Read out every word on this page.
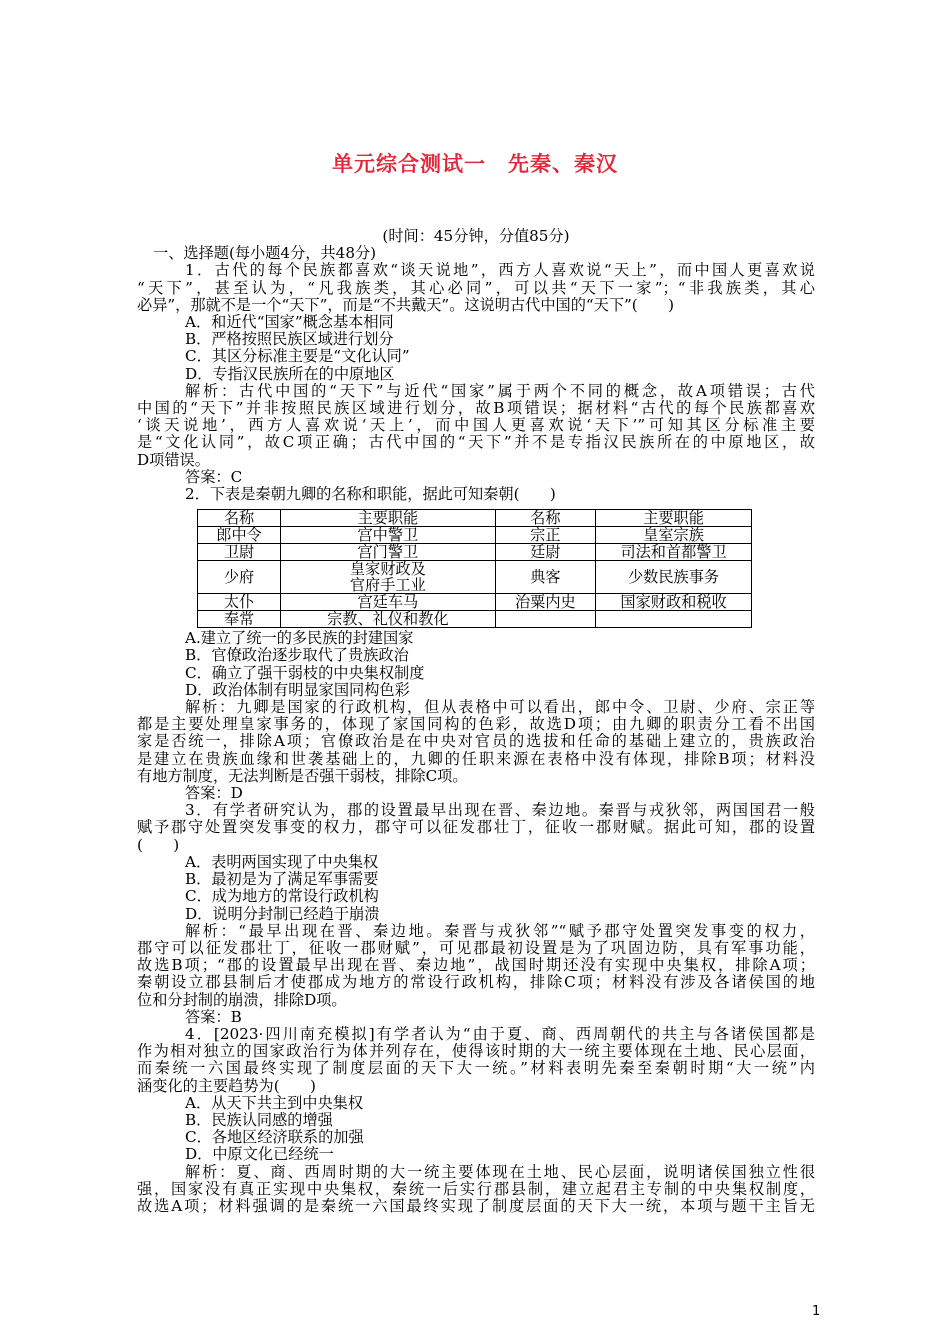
单元综合测试一　先秦、秦汉
(时间：45分钟，分值85分)
一、选择题(每小题4分，共48分)
1．古代的每个民族都喜欢“谈天说地”，西方人喜欢说“天上”，而中国人更喜欢说
“天下”，甚至认为，“凡我族类，其心必同”，可以共“天下一家”；“非我族类，其心
必异”，那就不是一个“天下”，而是“不共戴天”。这说明古代中国的“天下”(　　)
A．和近代“国家”概念基本相同
B．严格按照民族区域进行划分
C．其区分标准主要是“文化认同”
D．专指汉民族所在的中原地区
解析：古代中国的“天下”与近代“国家”属于两个不同的概念，故A项错误；古代
中国的“天下”并非按照民族区域进行划分，故B项错误；据材料“古代的每个民族都喜欢
‘谈天说地’，西方人喜欢说‘天上’，而中国人更喜欢说‘天下’”可知其区分标准主要
是“文化认同”，故C项正确；古代中国的“天下”并不是专指汉民族所在的中原地区，故
D项错误。
答案：C
2．下表是秦朝九卿的名称和职能，据此可知秦朝(　　)
名称	主要职能	名称	主要职能
郎中令	宫中警卫	宗正	皇室宗族
卫尉	宫门警卫	廷尉	司法和首都警卫
少府	皇家财政及
官府手工业	典客	少数民族事务
太仆	宫廷车马	治粟内史	国家财政和税收
奉常	宗教、礼仪和教化		
A.建立了统一的多民族的封建国家
B．官僚政治逐步取代了贵族政治
C．确立了强干弱枝的中央集权制度
D．政治体制有明显家国同构色彩
解析：九卿是国家的行政机构，但从表格中可以看出，郎中令、卫尉、少府、宗正等
都是主要处理皇家事务的，体现了家国同构的色彩，故选D项；由九卿的职责分工看不出国
家是否统一，排除A项；官僚政治是在中央对官员的选拔和任命的基础上建立的，贵族政治
是建立在贵族血缘和世袭基础上的，九卿的任职来源在表格中没有体现，排除B项；材料没
有地方制度，无法判断是否强干弱枝，排除C项。
答案：D
3．有学者研究认为，郡的设置最早出现在晋、秦边地。秦晋与戎狄邻，两国国君一般
赋予郡守处置突发事变的权力，郡守可以征发郡壮丁，征收一郡财赋。据此可知，郡的设置
(　　)
A．表明两国实现了中央集权
B．最初是为了满足军事需要
C．成为地方的常设行政机构
D．说明分封制已经趋于崩溃
解析：“最早出现在晋、秦边地。秦晋与戎狄邻”“赋予郡守处置突发事变的权力，
郡守可以征发郡壮丁，征收一郡财赋”，可见郡最初设置是为了巩固边防，具有军事功能，
故选B项；“郡的设置最早出现在晋、秦边地”，战国时期还没有实现中央集权，排除A项；
秦朝设立郡县制后才使郡成为地方的常设行政机构，排除C项；材料没有涉及各诸侯国的地
位和分封制的崩溃，排除D项。
答案：B
4．[2023·四川南充模拟]有学者认为“由于夏、商、西周朝代的共主与各诸侯国都是
作为相对独立的国家政治行为体并列存在，使得该时期的大一统主要体现在土地、民心层面，
而秦统一六国最终实现了制度层面的天下大一统。”材料表明先秦至秦朝时期“大一统”内
涵变化的主要趋势为(　　)
A．从天下共主到中央集权
B．民族认同感的增强
C．各地区经济联系的加强
D．中原文化已经统一
解析：夏、商、西周时期的大一统主要体现在土地、民心层面，说明诸侯国独立性很
强，国家没有真正实现中央集权，秦统一后实行郡县制，建立起君主专制的中央集权制度，
故选A项；材料强调的是秦统一六国最终实现了制度层面的天下大一统，本项与题干主旨无
1
